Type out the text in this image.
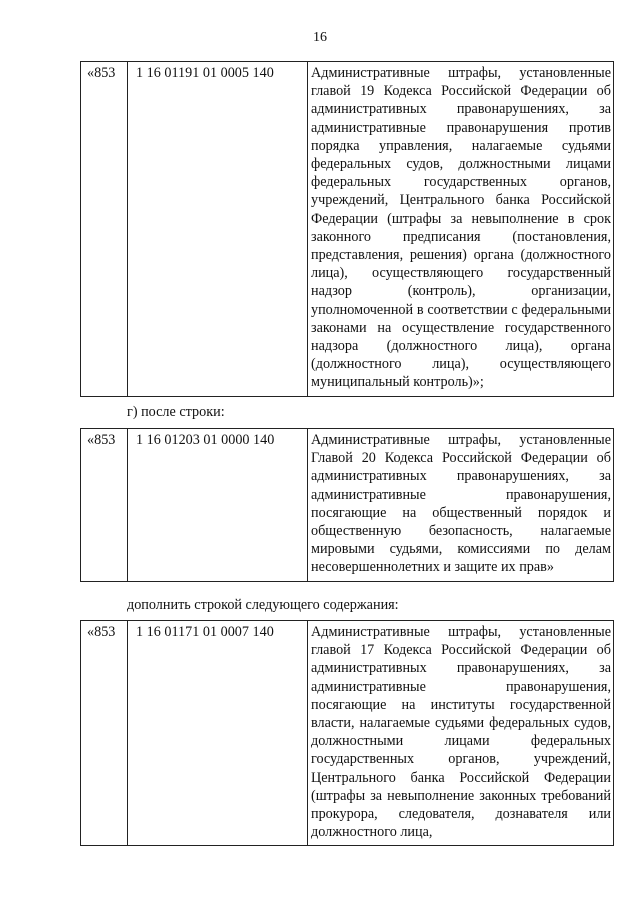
16
«853	1 16 01191 01 0005 140	Административные штрафы, установленные главой 19 Кодекса Российской Федерации об административных правонарушениях, за административные правонарушения против порядка управления, налагаемые судьями федеральных судов, должностными лицами федеральных государственных органов, учреждений, Центрального банка Российской Федерации (штрафы за невыполнение в срок законного предписания (постановления, представления, решения) органа (должностного лица), осуществляющего государственный надзор (контроль), организации, уполномоченной в соответствии с федеральными законами на осуществление государственного надзора (должностного лица), органа (должностного лица), осуществляющего муниципальный контроль)»;
г) после строки:
«853	1 16 01203 01 0000 140	Административные штрафы, установленные Главой 20 Кодекса Российской Федерации об административных правонарушениях, за административные правонарушения, посягающие на общественный порядок и общественную безопасность, налагаемые мировыми судьями, комиссиями по делам несовершеннолетних и защите их прав»
дополнить строкой следующего содержания:
«853	1 16 01171 01 0007 140	Административные штрафы, установленные главой 17 Кодекса Российской Федерации об административных правонарушениях, за административные правонарушения, посягающие на институты государственной власти, налагаемые судьями федеральных судов, должностными лицами федеральных государственных органов, учреждений, Центрального банка Российской Федерации (штрафы за невыполнение законных требований прокурора, следователя, дознавателя или должностного лица,
